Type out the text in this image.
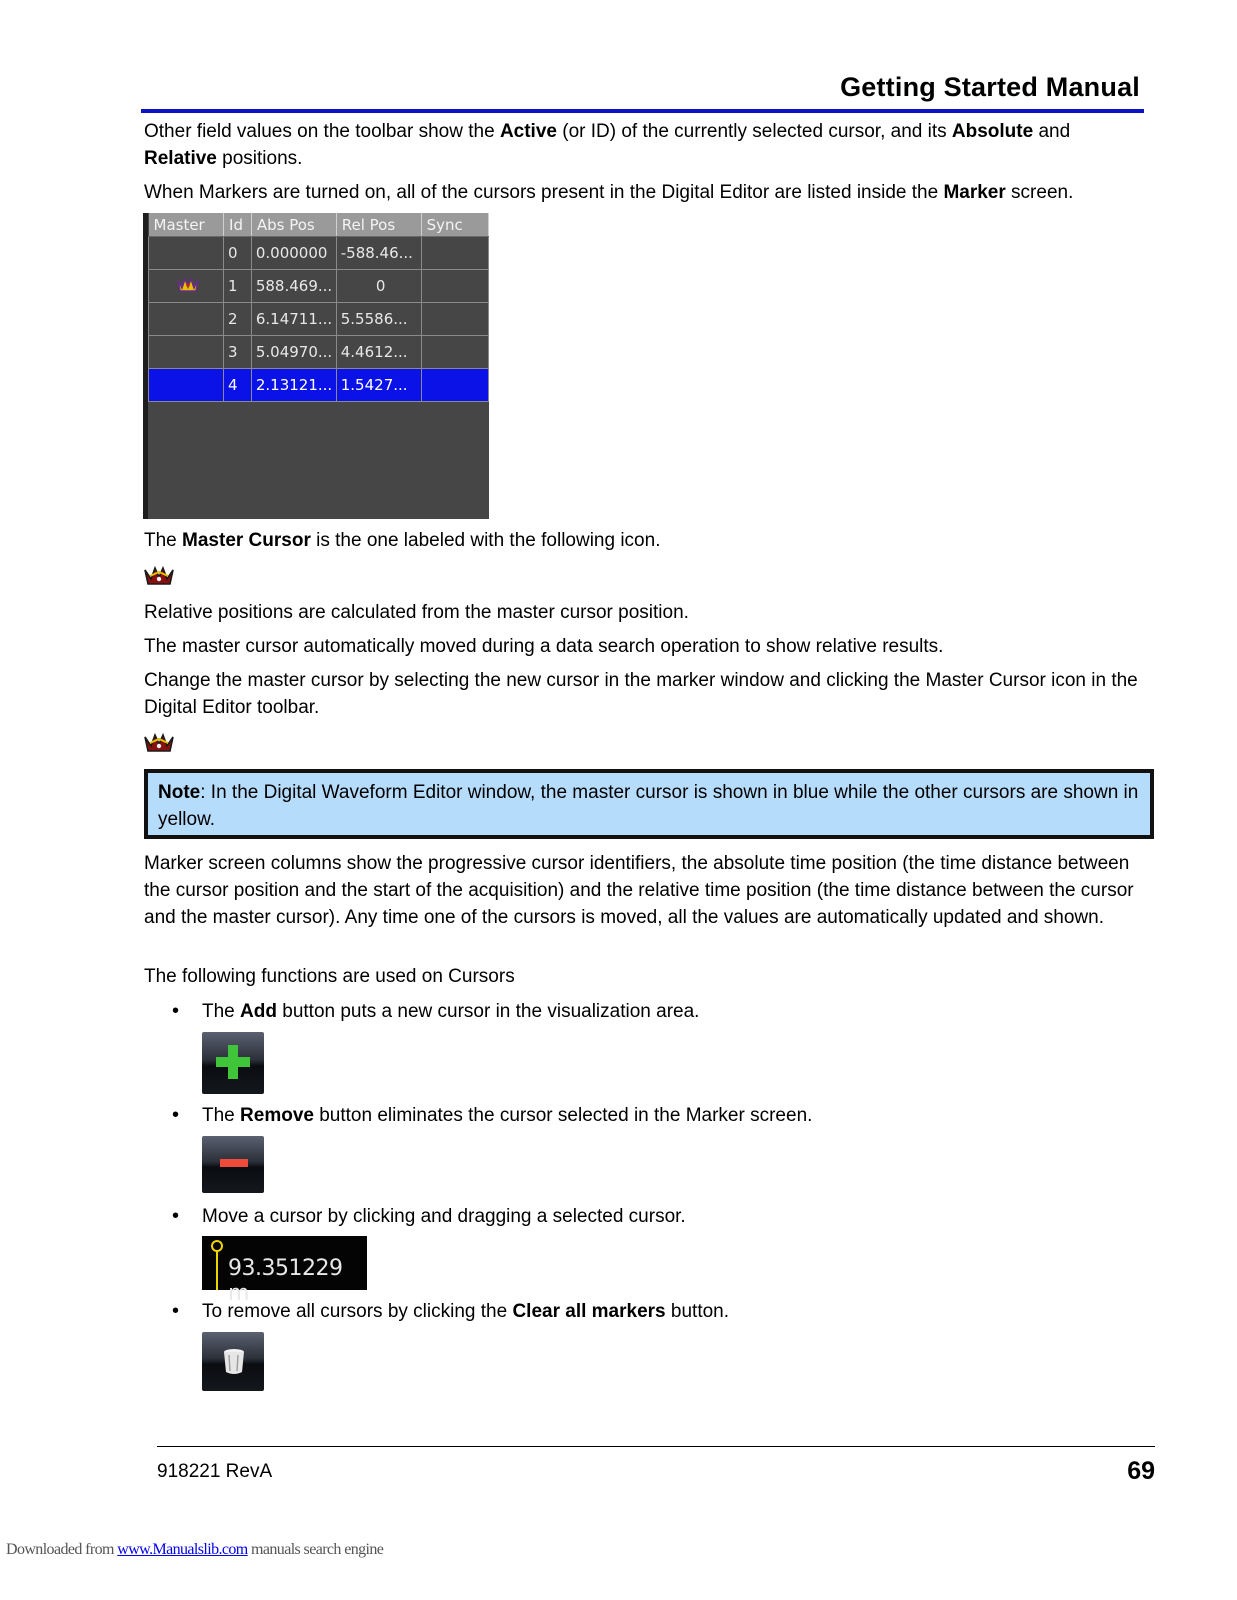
Getting Started Manual

Other field values on the toolbar show the Active (or ID) of the currently selected cursor, and its Absolute and Relative positions.

When Markers are turned on, all of the cursors present in the Digital Editor are listed inside the Marker screen.

Master	Id	Abs Pos	Rel Pos	Sync
	0	0.000000	-588.46...	
	1	588.469...	0	
	2	6.14711...	5.5586...	
	3	5.04970...	4.4612...	
	4	2.13121...	1.5427...	

The Master Cursor is the one labeled with the following icon.

Relative positions are calculated from the master cursor position.

The master cursor automatically moved during a data search operation to show relative results.

Change the master cursor by selecting the new cursor in the marker window and clicking the Master Cursor icon in the Digital Editor toolbar.

Note: In the Digital Waveform Editor window, the master cursor is shown in blue while the other cursors are shown in yellow.

Marker screen columns show the progressive cursor identifiers, the absolute time position (the time distance between the cursor position and the start of the acquisition) and the relative time position (the time distance between the cursor and the master cursor). Any time one of the cursors is moved, all the values are automatically updated and shown.

The following functions are used on Cursors

• The Add button puts a new cursor in the visualization area.
• The Remove button eliminates the cursor selected in the Marker screen.
• Move a cursor by clicking and dragging a selected cursor.
93.351229 m
• To remove all cursors by clicking the Clear all markers button.
918221 RevA	69
Downloaded from www.Manualslib.com manuals search engine
